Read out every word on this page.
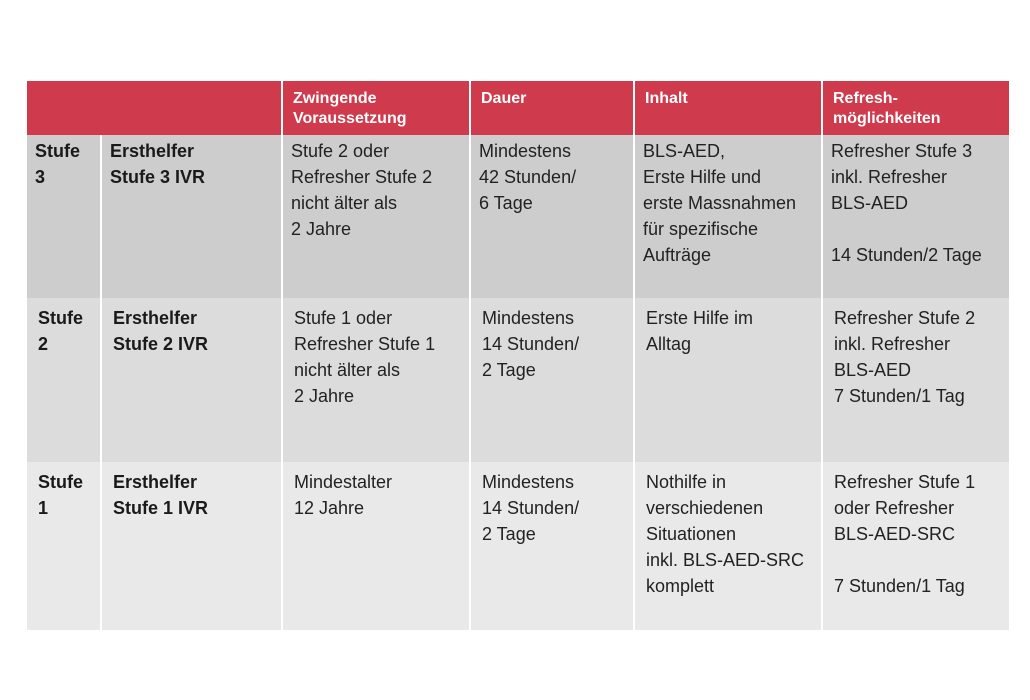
Zwingende
Voraussetzung
Dauer	Inhalt	Refresh-
möglichkeiten
Stufe
3
Ersthelfer
Stufe 3 IVR
Stufe 2 oder
Refresher Stufe 2
nicht älter als
2 Jahre
Mindestens
42 Stunden/
6 Tage
BLS-AED,
Erste Hilfe und
erste Massnahmen
für spezifische
Aufträge
Refresher Stufe 3
inkl. Refresher
BLS-AED
14 Stunden/2 Tage
Stufe
2
Ersthelfer
Stufe 2 IVR
Stufe 1 oder
Refresher Stufe 1
nicht älter als
2 Jahre
Mindestens
14 Stunden/
2 Tage
Erste Hilfe im
Alltag
Refresher Stufe 2
inkl. Refresher
BLS-AED
7 Stunden/1 Tag
Stufe
1
Ersthelfer
Stufe 1 IVR
Mindestalter
12 Jahre
Mindestens
14 Stunden/
2 Tage
Nothilfe in
verschiedenen
Situationen
inkl. BLS-AED-SRC
komplett
Refresher Stufe 1
oder Refresher
BLS-AED-SRC
7 Stunden/1 Tag
